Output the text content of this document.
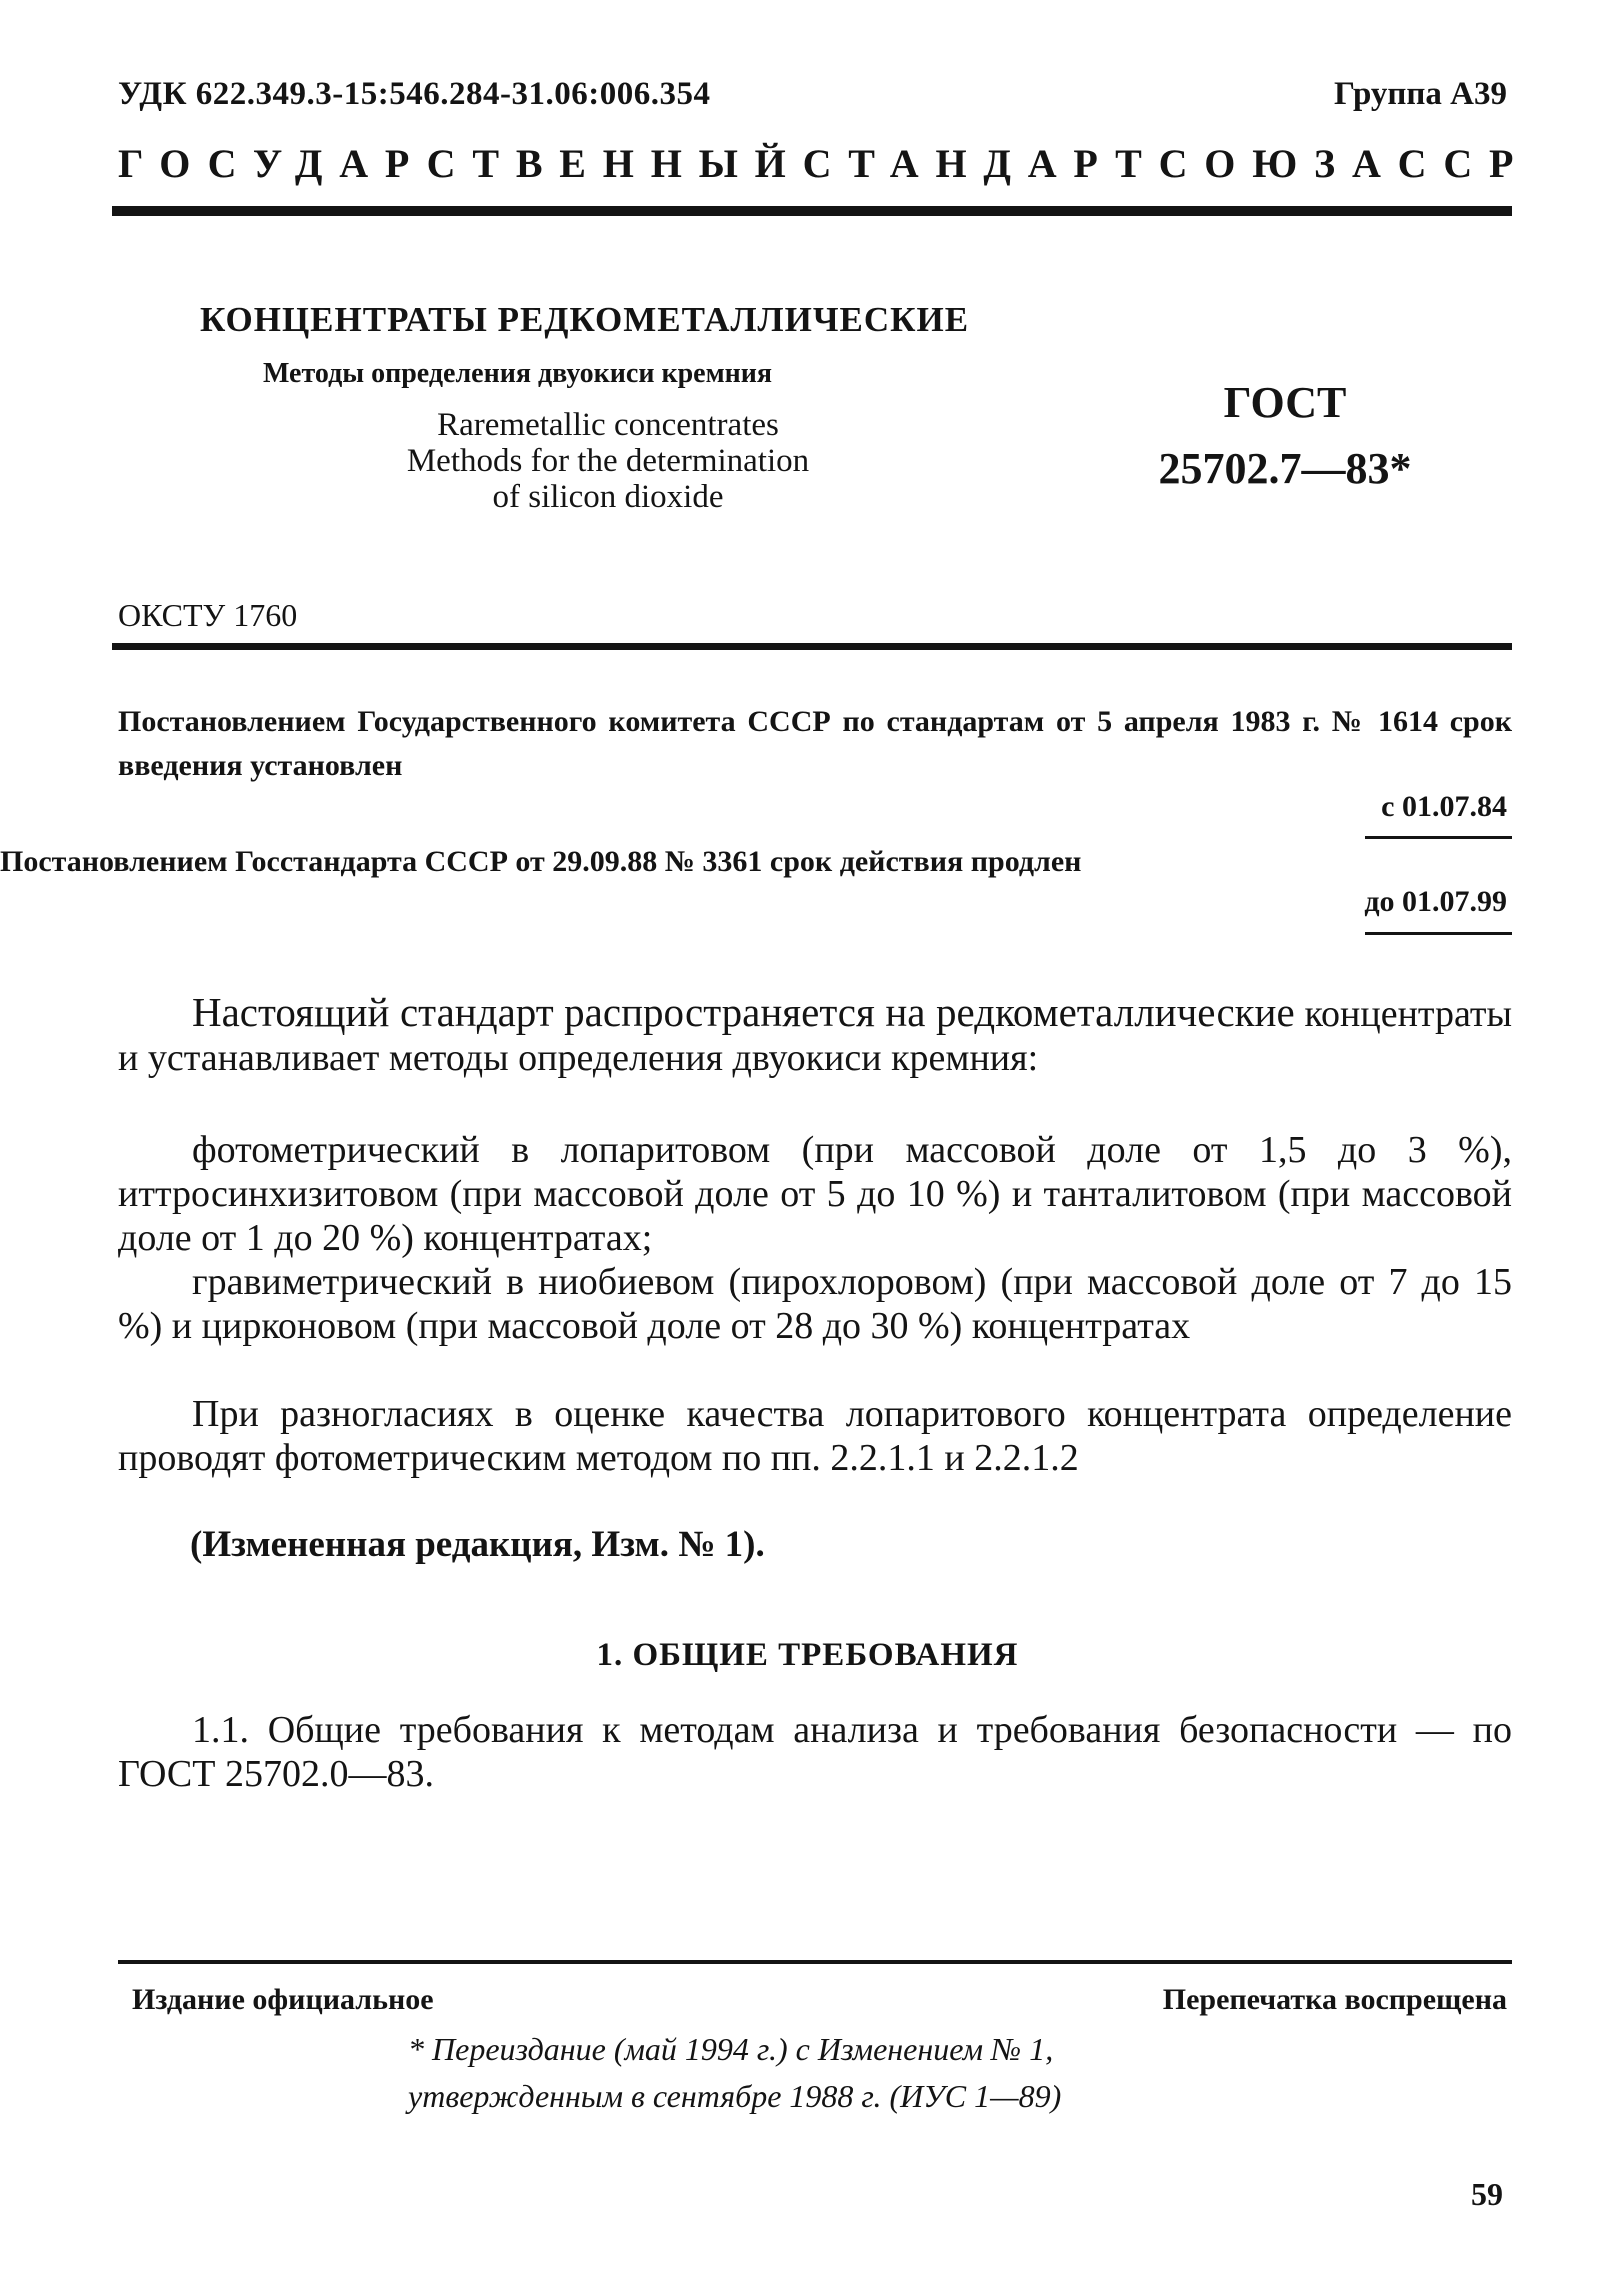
УДК 622.349.3-15:546.284-31.06:006.354	Группа А39
ГОСУДАРСТВЕННЫЙ СТАНДАРТ СОЮЗА ССР
КОНЦЕНТРАТЫ РЕДКОМЕТАЛЛИЧЕСКИЕ
Методы определения двуокиси кремния
Raremetallic concentrates
Methods for the determination
of silicon dioxide
ГОСТ
25702.7—83*
ОКСТУ 1760
Постановлением Государственного комитета СССР по стандартам от 5 апреля 1983 г. № 1614 срок введения установлен
с 01.07.84
Постановлением Госстандарта СССР от 29.09.88 № 3361 срок действия продлен
до 01.07.99
Настоящий стандарт распространяется на редкометаллические концентраты и устанавливает методы определения двуокиси кремния:
фотометрический в лопаритовом (при массовой доле от 1,5 до 3 %), иттросинхизитовом (при массовой доле от 5 до 10 %) и танталитовом (при массовой доле от 1 до 20 %) концентратах;
гравиметрический в ниобиевом (пирохлоровом) (при массовой доле от 7 до 15 %) и цирконовом (при массовой доле от 28 до 30 %) концентратах
При разногласиях в оценке качества лопаритового концентрата определение проводят фотометрическим методом по пп. 2.2.1.1 и 2.2.1.2
(Измененная редакция, Изм. № 1).
1. ОБЩИЕ ТРЕБОВАНИЯ
1.1. Общие требования к методам анализа и требования безопасности — по ГОСТ 25702.0—83.
Издание официальное	Перепечатка воспрещена
* Переиздание (май 1994 г.) с Изменением № 1,
утвержденным в сентябре 1988 г. (ИУС 1—89)
59
